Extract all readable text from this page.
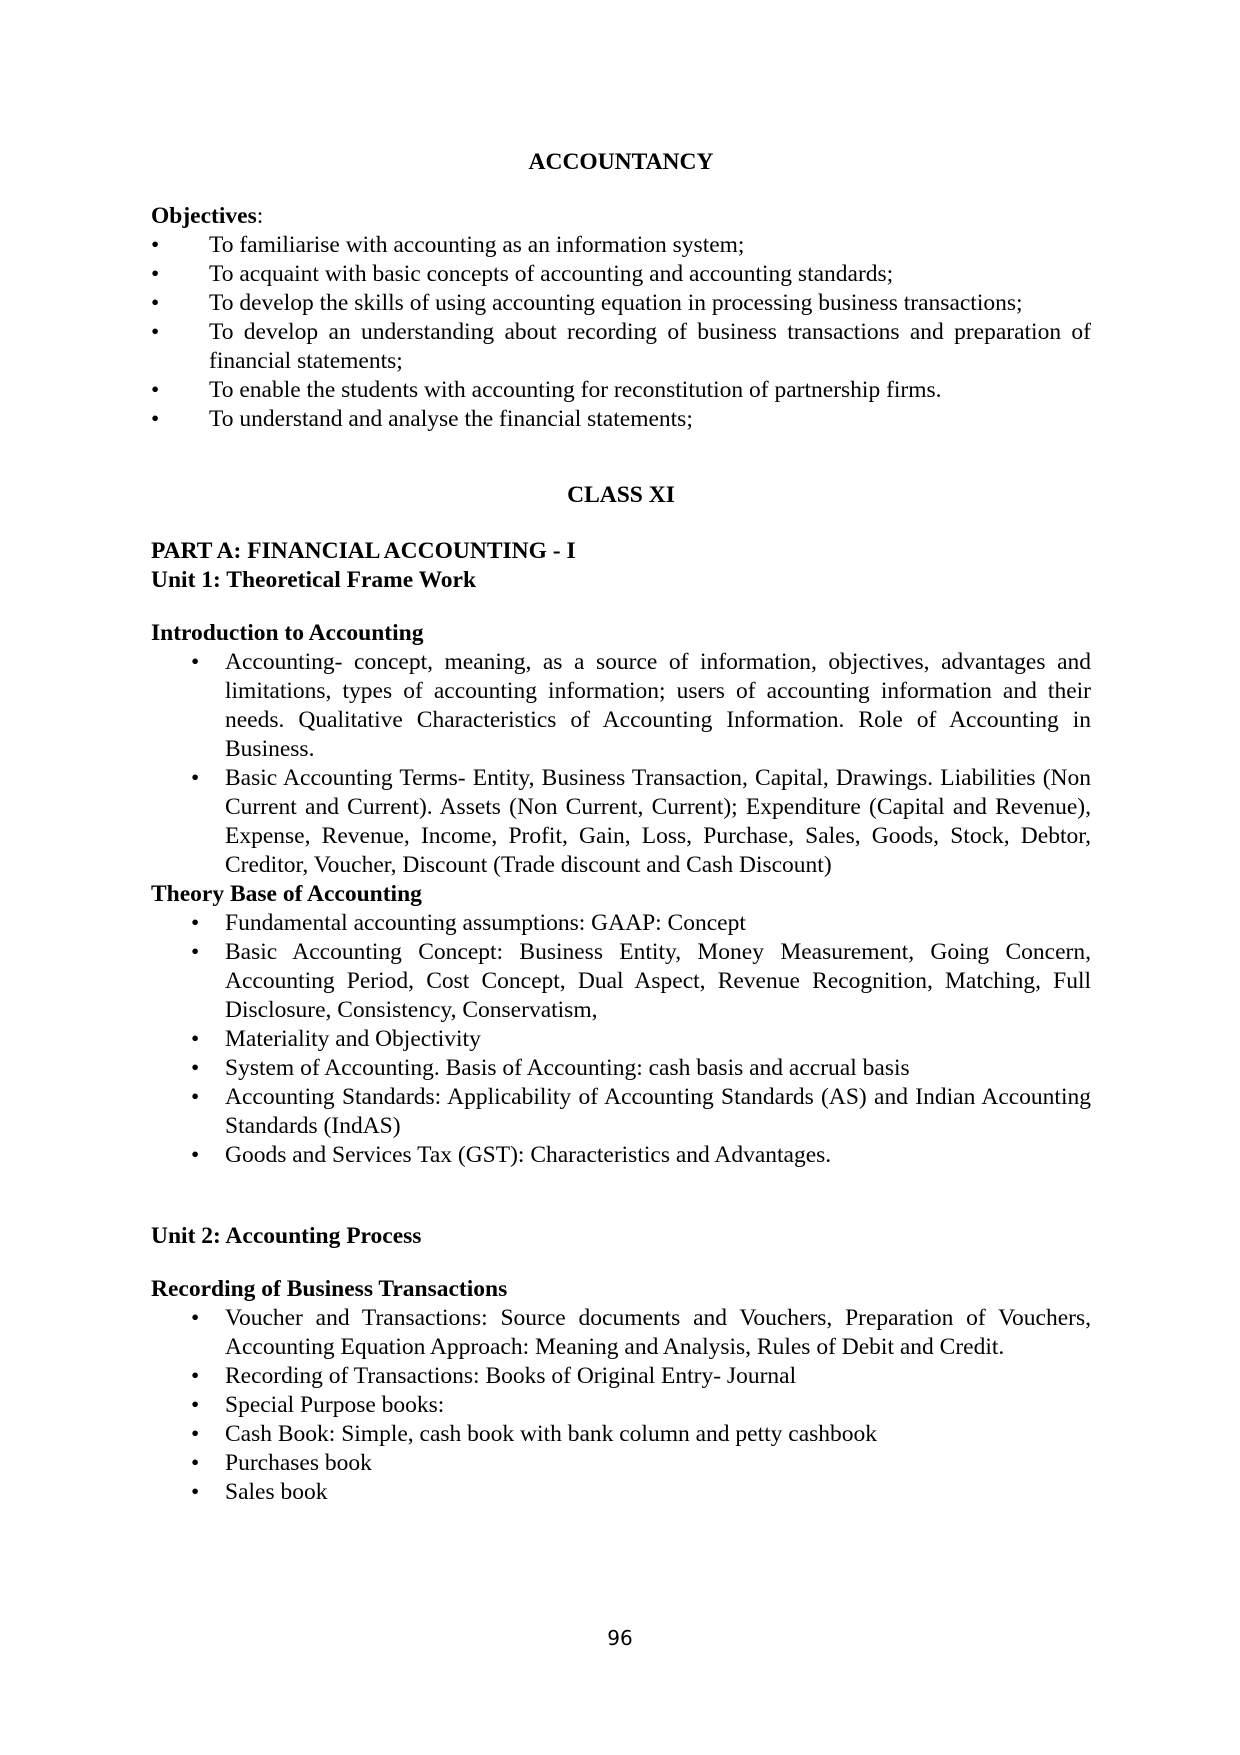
ACCOUNTANCY

Objectives:

• To familiarise with accounting as an information system;
• To acquaint with basic concepts of accounting and accounting standards;
• To develop the skills of using accounting equation in processing business transactions;
• To develop an understanding about recording of business transactions and preparation of financial statements;
• To enable the students with accounting for reconstitution of partnership firms.
• To understand and analyse the financial statements;

CLASS XI

PART A: FINANCIAL ACCOUNTING - I

Unit 1: Theoretical Frame Work

Introduction to Accounting

• Accounting- concept, meaning, as a source of information, objectives, advantages and limitations, types of accounting information; users of accounting information and their needs. Qualitative Characteristics of Accounting Information. Role of Accounting in Business.
• Basic Accounting Terms- Entity, Business Transaction, Capital, Drawings. Liabilities (Non Current and Current). Assets (Non Current, Current); Expenditure (Capital and Revenue), Expense, Revenue, Income, Profit, Gain, Loss, Purchase, Sales, Goods, Stock, Debtor, Creditor, Voucher, Discount (Trade discount and Cash Discount)

Theory Base of Accounting

• Fundamental accounting assumptions: GAAP: Concept
• Basic Accounting Concept: Business Entity, Money Measurement, Going Concern, Accounting Period, Cost Concept, Dual Aspect, Revenue Recognition, Matching, Full Disclosure, Consistency, Conservatism,
• Materiality and Objectivity
• System of Accounting. Basis of Accounting: cash basis and accrual basis
• Accounting Standards: Applicability of Accounting Standards (AS) and Indian Accounting Standards (IndAS)
• Goods and Services Tax (GST): Characteristics and Advantages.

Unit 2: Accounting Process

Recording of Business Transactions

• Voucher and Transactions: Source documents and Vouchers, Preparation of Vouchers, Accounting Equation Approach: Meaning and Analysis, Rules of Debit and Credit.
• Recording of Transactions: Books of Original Entry- Journal
• Special Purpose books:
• Cash Book: Simple, cash book with bank column and petty cashbook
• Purchases book
• Sales book
96
